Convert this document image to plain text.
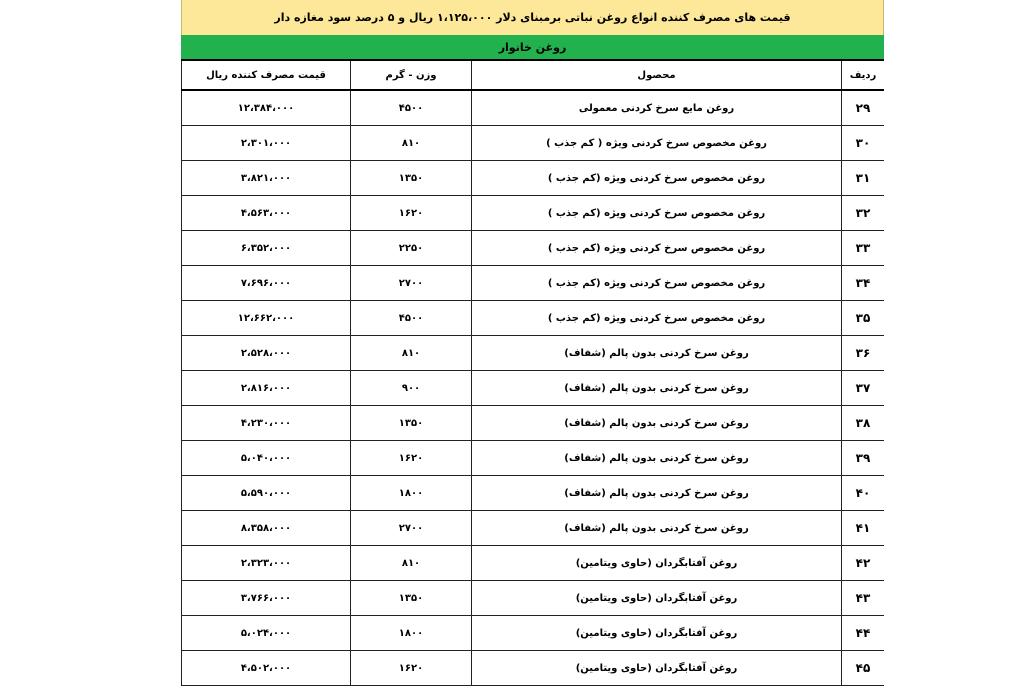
قیمت های مصرف کننده انواع روغن نباتی برمبنای دلار ۱،۱۲۵،۰۰۰ ریال و ۵ درصد سود مغازه دار
روغن خانوار
ردیف	محصول	وزن - گرم	قیمت مصرف کننده ریال
۲۹	روغن مایع سرخ کردنی معمولی	۴۵۰۰	۱۲،۳۸۴،۰۰۰
۳۰	روغن مخصوص سرخ کردنی ویژه ( کم جذب )	۸۱۰	۲،۳۰۱،۰۰۰
۳۱	روغن مخصوص سرخ کردنی ویژه (کم جذب )	۱۳۵۰	۳،۸۲۱،۰۰۰
۳۲	روغن مخصوص سرخ کردنی ویژه (کم جذب )	۱۶۲۰	۴،۵۶۳،۰۰۰
۳۳	روغن مخصوص سرخ کردنی ویژه (کم جذب )	۲۲۵۰	۶،۳۵۲،۰۰۰
۳۴	روغن مخصوص سرخ کردنی ویژه (کم جذب )	۲۷۰۰	۷،۶۹۶،۰۰۰
۳۵	روغن مخصوص سرخ کردنی ویژه (کم جذب )	۴۵۰۰	۱۲،۶۶۲،۰۰۰
۳۶	روغن سرخ کردنی بدون پالم (شفاف)	۸۱۰	۲،۵۲۸،۰۰۰
۳۷	روغن سرخ کردنی بدون پالم (شفاف)	۹۰۰	۲،۸۱۶،۰۰۰
۳۸	روغن سرخ کردنی بدون پالم (شفاف)	۱۳۵۰	۴،۲۳۰،۰۰۰
۳۹	روغن سرخ کردنی بدون پالم (شفاف)	۱۶۲۰	۵،۰۴۰،۰۰۰
۴۰	روغن سرخ کردنی بدون پالم (شفاف)	۱۸۰۰	۵،۵۹۰،۰۰۰
۴۱	روغن سرخ کردنی بدون پالم (شفاف)	۲۷۰۰	۸،۳۵۸،۰۰۰
۴۲	روغن آفتابگردان (حاوی ویتامین)	۸۱۰	۲،۳۲۳،۰۰۰
۴۳	روغن آفتابگردان (حاوی ویتامین)	۱۳۵۰	۳،۷۶۶،۰۰۰
۴۴	روغن آفتابگردان (حاوی ویتامین)	۱۸۰۰	۵،۰۲۴،۰۰۰
۴۵	روغن آفتابگردان (حاوی ویتامین)	۱۶۲۰	۴،۵۰۲،۰۰۰
